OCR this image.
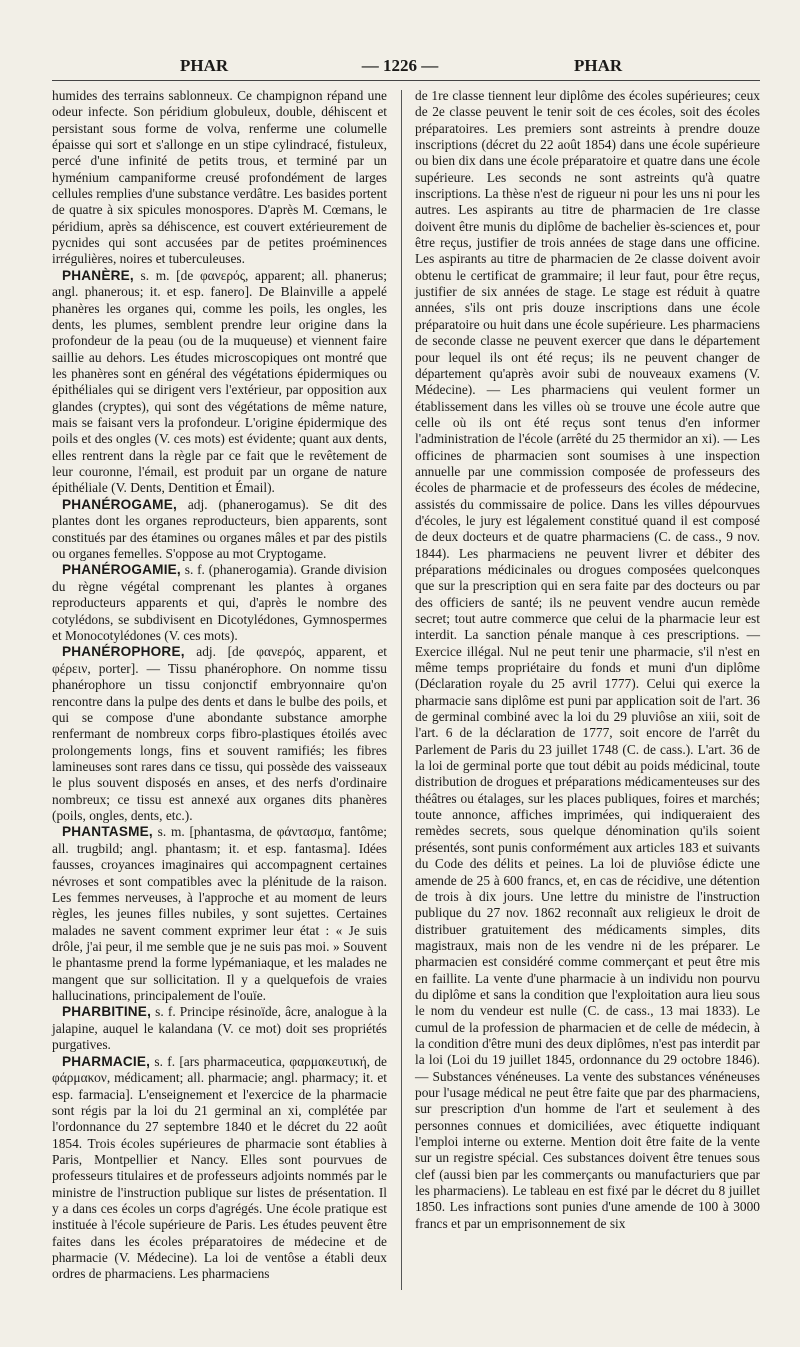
PHAR	— 1226 —	PHAR

humides des terrains sablonneux. Ce champignon répand une odeur infecte. Son péridium globuleux, double, déhiscent et persistant sous forme de volva, renferme une columelle épaisse qui sort et s'allonge en un stipe cylindracé, fistuleux, percé d'une infinité de petits trous, et terminé par un hyménium campaniforme creusé profondément de larges cellules remplies d'une substance verdâtre. Les basides portent de quatre à six spicules monospores. D'après M. Cœmans, le péridium, après sa déhiscence, est couvert extérieurement de pycnides qui sont accusées par de petites proéminences irrégulières, noires et tuberculeuses.

PHANÈRE, s. m. [de φανερός, apparent; all. phanerus; angl. phanerous; it. et esp. fanero]. De Blainville a appelé phanères les organes qui, comme les poils, les ongles, les dents, les plumes, semblent prendre leur origine dans la profondeur de la peau (ou de la muqueuse) et viennent faire saillie au dehors. Les études microscopiques ont montré que les phanères sont en général des végétations épidermiques ou épithéliales qui se dirigent vers l'extérieur, par opposition aux glandes (cryptes), qui sont des végétations de même nature, mais se faisant vers la profondeur. L'origine épidermique des poils et des ongles (V. ces mots) est évidente; quant aux dents, elles rentrent dans la règle par ce fait que le revêtement de leur couronne, l'émail, est produit par un organe de nature épithéliale (V. Dents, Dentition et Émail).

PHANÉROGAME, adj. (phanerogamus). Se dit des plantes dont les organes reproducteurs, bien apparents, sont constitués par des étamines ou organes mâles et par des pistils ou organes femelles. S'oppose au mot Cryptogame.

PHANÉROGAMIE, s. f. (phanerogamia). Grande division du règne végétal comprenant les plantes à organes reproducteurs apparents et qui, d'après le nombre des cotylédons, se subdivisent en Dicotylédones, Gymnospermes et Monocotylédones (V. ces mots).

PHANÉROPHORE, adj. [de φανερός, apparent, et φέρειν, porter]. — Tissu phanérophore. On nomme tissu phanérophore un tissu conjonctif embryonnaire qu'on rencontre dans la pulpe des dents et dans le bulbe des poils, et qui se compose d'une abondante substance amorphe renfermant de nombreux corps fibro-plastiques étoilés avec prolongements longs, fins et souvent ramifiés; les fibres lamineuses sont rares dans ce tissu, qui possède des vaisseaux le plus souvent disposés en anses, et des nerfs d'ordinaire nombreux; ce tissu est annexé aux organes dits phanères (poils, ongles, dents, etc.).

PHANTASME, s. m. [phantasma, de φάντασμα, fantôme; all. trugbild; angl. phantasm; it. et esp. fantasma]. Idées fausses, croyances imaginaires qui accompagnent certaines névroses et sont compatibles avec la plénitude de la raison. Les femmes nerveuses, à l'approche et au moment de leurs règles, les jeunes filles nubiles, y sont sujettes. Certaines malades ne savent comment exprimer leur état : « Je suis drôle, j'ai peur, il me semble que je ne suis pas moi. » Souvent le phantasme prend la forme lypémaniaque, et les malades ne mangent que sur sollicitation. Il y a quelquefois de vraies hallucinations, principalement de l'ouïe.

PHARBITINE, s. f. Principe résinoïde, âcre, analogue à la jalapine, auquel le kalandana (V. ce mot) doit ses propriétés purgatives.

PHARMACIE, s. f. [ars pharmaceutica, φαρμακευτική, de φάρμακον, médicament; all. pharmacie; angl. pharmacy; it. et esp. farmacia]. L'enseignement et l'exercice de la pharmacie sont régis par la loi du 21 germinal an xi, complétée par l'ordonnance du 27 septembre 1840 et le décret du 22 août 1854. Trois écoles supérieures de pharmacie sont établies à Paris, Montpellier et Nancy. Elles sont pourvues de professeurs titulaires et de professeurs adjoints nommés par le ministre de l'instruction publique sur listes de présentation. Il y a dans ces écoles un corps d'agrégés. Une école pratique est instituée à l'école supérieure de Paris. Les études peuvent être faites dans les écoles préparatoires de médecine et de pharmacie (V. Médecine). La loi de ventôse a établi deux ordres de pharmaciens. Les pharmaciens

de 1re classe tiennent leur diplôme des écoles supérieures; ceux de 2e classe peuvent le tenir soit de ces écoles, soit des écoles préparatoires. Les premiers sont astreints à prendre douze inscriptions (décret du 22 août 1854) dans une école supérieure ou bien dix dans une école préparatoire et quatre dans une école supérieure. Les seconds ne sont astreints qu'à quatre inscriptions. La thèse n'est de rigueur ni pour les uns ni pour les autres. Les aspirants au titre de pharmacien de 1re classe doivent être munis du diplôme de bachelier ès-sciences et, pour être reçus, justifier de trois années de stage dans une officine. Les aspirants au titre de pharmacien de 2e classe doivent avoir obtenu le certificat de grammaire; il leur faut, pour être reçus, justifier de six années de stage. Le stage est réduit à quatre années, s'ils ont pris douze inscriptions dans une école préparatoire ou huit dans une école supérieure. Les pharmaciens de seconde classe ne peuvent exercer que dans le département pour lequel ils ont été reçus; ils ne peuvent changer de département qu'après avoir subi de nouveaux examens (V. Médecine). — Les pharmaciens qui veulent former un établissement dans les villes où se trouve une école autre que celle où ils ont été reçus sont tenus d'en informer l'administration de l'école (arrêté du 25 thermidor an xi). — Les officines de pharmacien sont soumises à une inspection annuelle par une commission composée de professeurs des écoles de pharmacie et de professeurs des écoles de médecine, assistés du commissaire de police. Dans les villes dépourvues d'écoles, le jury est légalement constitué quand il est composé de deux docteurs et de quatre pharmaciens (C. de cass., 9 nov. 1844). Les pharmaciens ne peuvent livrer et débiter des préparations médicinales ou drogues composées quelconques que sur la prescription qui en sera faite par des docteurs ou par des officiers de santé; ils ne peuvent vendre aucun remède secret; tout autre commerce que celui de la pharmacie leur est interdit. La sanction pénale manque à ces prescriptions. — Exercice illégal. Nul ne peut tenir une pharmacie, s'il n'est en même temps propriétaire du fonds et muni d'un diplôme (Déclaration royale du 25 avril 1777). Celui qui exerce la pharmacie sans diplôme est puni par application soit de l'art. 36 de germinal combiné avec la loi du 29 pluviôse an xiii, soit de l'art. 6 de la déclaration de 1777, soit encore de l'arrêt du Parlement de Paris du 23 juillet 1748 (C. de cass.). L'art. 36 de la loi de germinal porte que tout débit au poids médicinal, toute distribution de drogues et préparations médicamenteuses sur des théâtres ou étalages, sur les places publiques, foires et marchés; toute annonce, affiches imprimées, qui indiqueraient des remèdes secrets, sous quelque dénomination qu'ils soient présentés, sont punis conformément aux articles 183 et suivants du Code des délits et peines. La loi de pluviôse édicte une amende de 25 à 600 francs, et, en cas de récidive, une détention de trois à dix jours. Une lettre du ministre de l'instruction publique du 27 nov. 1862 reconnaît aux religieux le droit de distribuer gratuitement des médicaments simples, dits magistraux, mais non de les vendre ni de les préparer. Le pharmacien est considéré comme commerçant et peut être mis en faillite. La vente d'une pharmacie à un individu non pourvu du diplôme et sans la condition que l'exploitation aura lieu sous le nom du vendeur est nulle (C. de cass., 13 mai 1833). Le cumul de la profession de pharmacien et de celle de médecin, à la condition d'être muni des deux diplômes, n'est pas interdit par la loi (Loi du 19 juillet 1845, ordonnance du 29 octobre 1846). — Substances vénéneuses. La vente des substances vénéneuses pour l'usage médical ne peut être faite que par des pharmaciens, sur prescription d'un homme de l'art et seulement à des personnes connues et domiciliées, avec étiquette indiquant l'emploi interne ou externe. Mention doit être faite de la vente sur un registre spécial. Ces substances doivent être tenues sous clef (aussi bien par les commerçants ou manufacturiers que par les pharmaciens). Le tableau en est fixé par le décret du 8 juillet 1850. Les infractions sont punies d'une amende de 100 à 3000 francs et par un emprisonnement de six
